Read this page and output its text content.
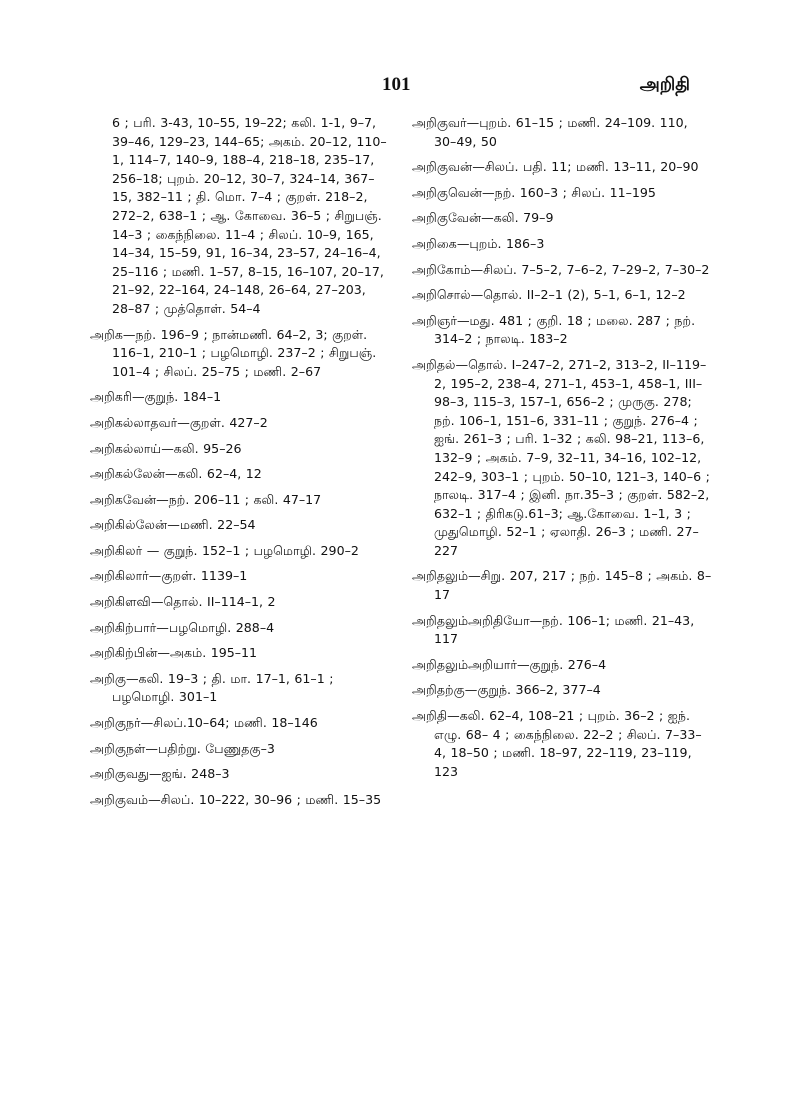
101	அறிதி

6 ; பரி. 3-43, 10–55, 19–22; கலி. 1-1, 9–7, 39–46, 129–23, 144–65; அகம். 20–12, 110–1, 114–7, 140–9, 188–4, 218–18, 235–17, 256–18; புறம். 20–12, 30–7, 324–14, 367–15, 382–11 ; தி. மொ. 7–4 ; குறள். 218–2, 272–2, 638–1 ; ஆ. கோவை. 36–5 ; சிறுபஞ். 14–3 ; கைந்நிலை. 11–4 ; சிலப். 10–9, 165, 14–34, 15–59, 91, 16–34, 23–57, 24–16–4, 25–116 ; மணி. 1–57, 8–15, 16–107, 20–17, 21–92, 22–164, 24–148, 26–64, 27–203, 28–87 ; முத்தொள். 54–4

அறிக—நற். 196–9 ; நான்மணி. 64–2, 3; குறள். 116–1, 210–1 ; பழமொழி. 237–2 ; சிறுபஞ். 101–4 ; சிலப். 25–75 ; மணி. 2–67

அறிகரி—குறுந். 184–1

அறிகல்லாதவர்—குறள். 427–2

அறிகல்லாய்—கலி. 95–26

அறிகல்லேன்—கலி. 62–4, 12

அறிகவேன்—நற். 206–11 ; கலி. 47–17

அறிகில்லேன்—மணி. 22–54

அறிகிலர் — குறுந். 152–1 ; பழமொழி. 290–2

அறிகிலார்—குறள். 1139–1

அறிகிளவி—தொல். II–114–1, 2

அறிகிற்பார்—பழமொழி. 288–4

அறிகிற்பின்—அகம். 195–11

அறிகு—கலி. 19–3 ; தி. மா. 17–1, 61–1 ; பழமொழி. 301–1

அறிகுநர்—சிலப்.10–64; மணி. 18–146

அறிகுநள்—பதிற்று. பேணுதகு–3

அறிகுவது—ஐங். 248–3

அறிகுவம்—சிலப். 10–222, 30–96 ; மணி. 15–35

அறிகுவர்—புறம். 61–15 ; மணி. 24–109. 110, 30–49, 50

அறிகுவன்—சிலப். பதி. 11; மணி. 13–11, 20–90

அறிகுவென்—நற். 160–3 ; சிலப். 11–195

அறிகுவேன்—கலி. 79–9

அறிகை—புறம். 186–3

அறிகோம்—சிலப். 7–5–2, 7–6–2, 7–29–2, 7–30–2

அறிசொல்—தொல். II–2–1 (2), 5–1, 6–1, 12–2

அறிஞர்—மது. 481 ; குறி. 18 ; மலை. 287 ; நற். 314–2 ; நாலடி. 183–2

அறிதல்—தொல். I–247–2, 271–2, 313–2, II–119–2, 195–2, 238–4, 271–1, 453–1, 458–1, III–98–3, 115–3, 157–1, 656–2 ; முருகு. 278; நற். 106–1, 151–6, 331–11 ; குறுந். 276–4 ; ஐங். 261–3 ; பரி. 1–32 ; கலி. 98–21, 113–6, 132–9 ; அகம். 7–9, 32–11, 34–16, 102–12, 242–9, 303–1 ; புறம். 50–10, 121–3, 140–6 ; நாலடி. 317–4 ; இனி. நா.35–3 ; குறள். 582–2, 632–1 ; திரிகடு.61–3; ஆ.கோவை. 1–1, 3 ; முதுமொழி. 52–1 ; ஏலாதி. 26–3 ; மணி. 27–227

அறிதலும்—சிறு. 207, 217 ; நற். 145–8 ; அகம். 8–17

அறிதலும்அறிதியோ—நற். 106–1; மணி. 21–43, 117

அறிதலும்அறியார்—குறுந். 276–4

அறிதற்கு—குறுந். 366–2, 377–4

அறிதி—கலி. 62–4, 108–21 ; புறம். 36–2 ; ஐந். எழு. 68– 4 ; கைந்நிலை. 22–2 ; சிலப். 7–33–4, 18–50 ; மணி. 18–97, 22–119, 23–119, 123
